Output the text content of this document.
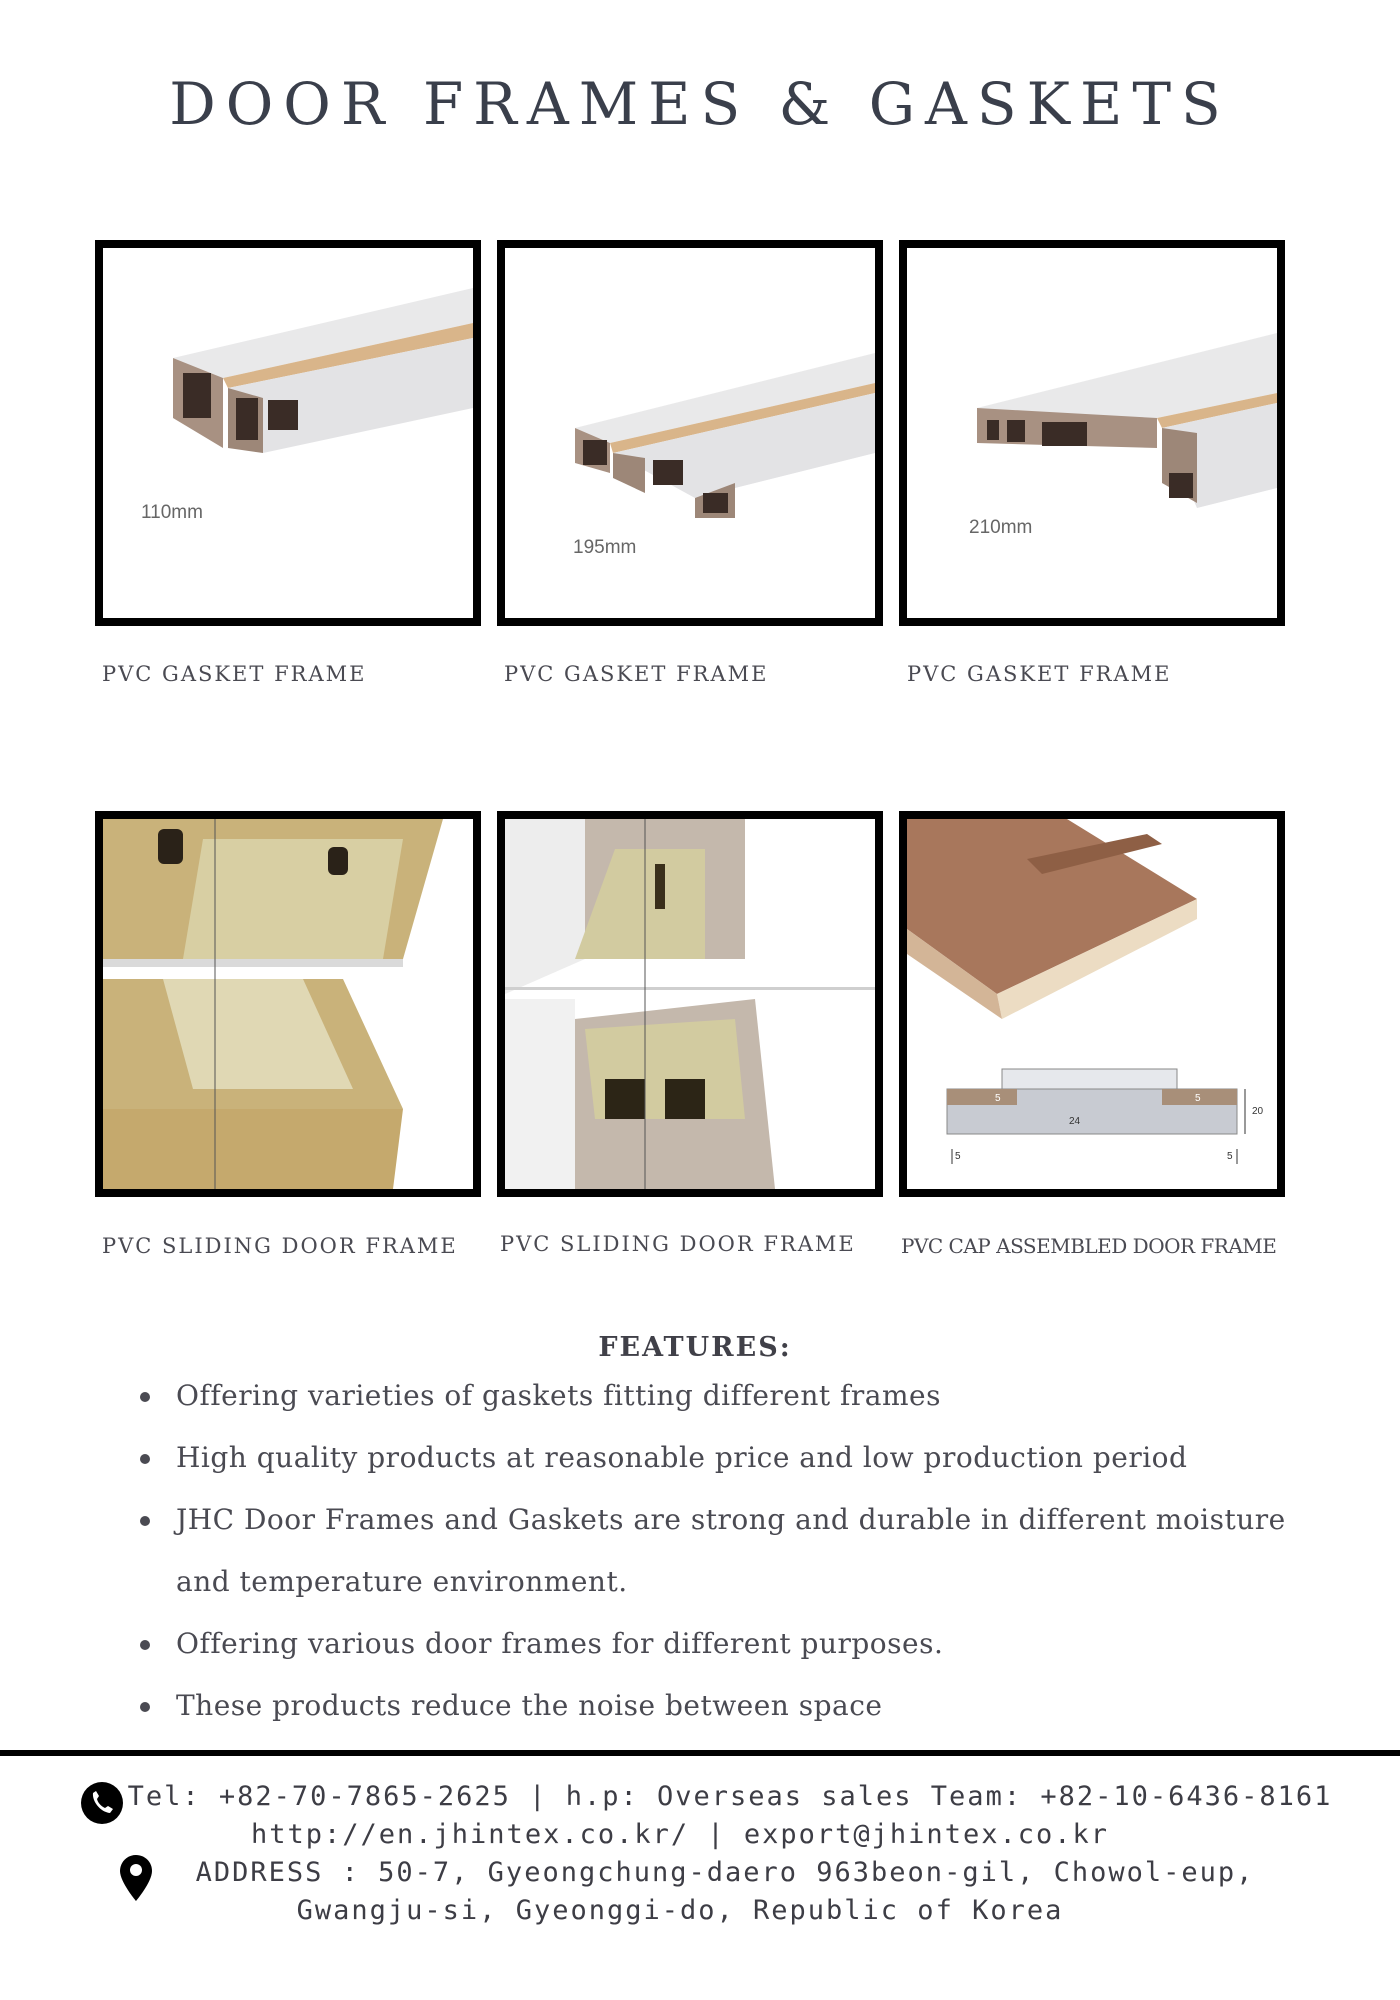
DOOR FRAMES & GASKETS
110mm
195mm
210mm
PVC GASKET FRAME	PVC GASKET FRAME	PVC GASKET FRAME
5	5
20
24
5	5
PVC SLIDING DOOR FRAME PVC SLIDING DOOR FRAME PVC CAP ASSEMBLED DOOR FRAME
FEATURES:
Offering varieties of gaskets fitting different frames
High quality products at reasonable price and low production period
JHC Door Frames and Gaskets are strong and durable in different moisture and temperature environment.
Offering various door frames for different purposes.
These products reduce the noise between space
Tel: +82-70-7865-2625 | h.p: Overseas sales Team: +82-10-6436-8161
http://en.jhintex.co.kr/ | export@jhintex.co.kr
ADDRESS : 50-7, Gyeongchung-daero 963beon-gil, Chowol-eup,
Gwangju-si, Gyeonggi-do, Republic of Korea
